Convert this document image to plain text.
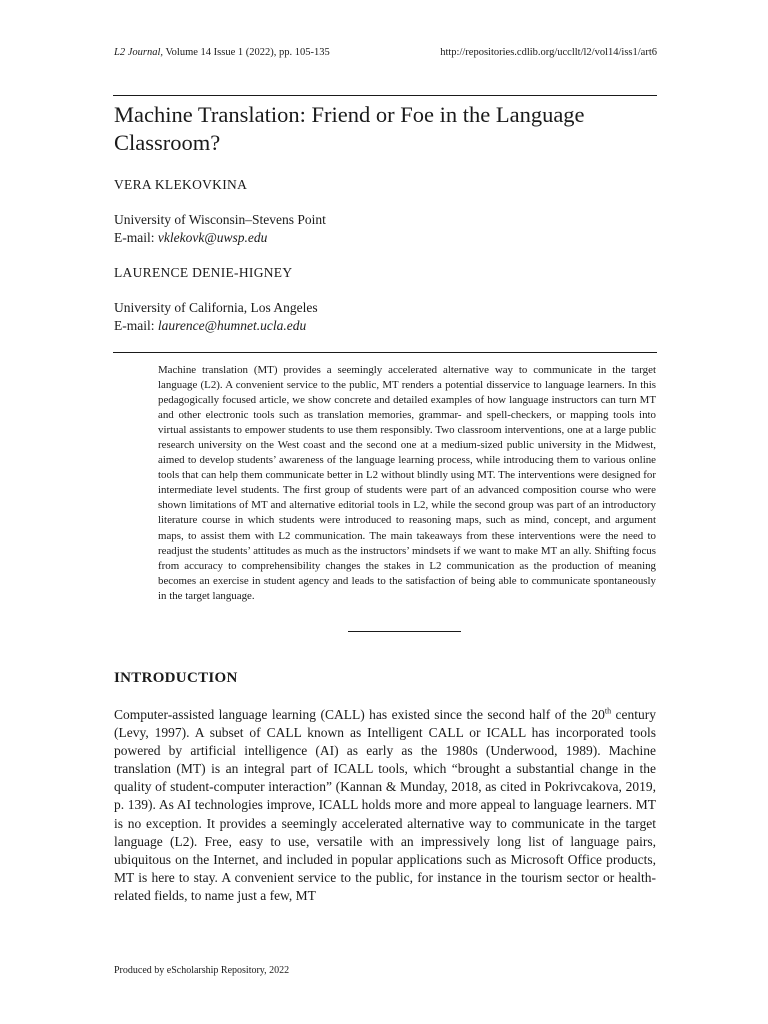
L2 Journal, Volume 14 Issue 1 (2022), pp. 105-135	http://repositories.cdlib.org/uccllt/l2/vol14/iss1/art6
Machine Translation: Friend or Foe in the Language Classroom?
VERA KLEKOVKINA
University of Wisconsin–Stevens Point
E-mail: vklekovk@uwsp.edu
LAURENCE DENIE-HIGNEY
University of California, Los Angeles
E-mail: laurence@humnet.ucla.edu

Machine translation (MT) provides a seemingly accelerated alternative way to communicate in the target language (L2). A convenient service to the public, MT renders a potential disservice to language learners. In this pedagogically focused article, we show concrete and detailed examples of how language instructors can turn MT and other electronic tools such as translation memories, grammar- and spell-checkers, or mapping tools into virtual assistants to empower students to use them responsibly. Two classroom interventions, one at a large public research university on the West coast and the second one at a medium-sized public university in the Midwest, aimed to develop students’ awareness of the language learning process, while introducing them to various online tools that can help them communicate better in L2 without blindly using MT. The interventions were designed for intermediate level students. The first group of students were part of an advanced composition course who were shown limitations of MT and alternative editorial tools in L2, while the second group was part of an introductory literature course in which students were introduced to reasoning maps, such as mind, concept, and argument maps, to assist them with L2 communication. The main takeaways from these interventions were the need to readjust the students’ attitudes as much as the instructors’ mindsets if we want to make MT an ally. Shifting focus from accuracy to comprehensibility changes the stakes in L2 communication as the production of meaning becomes an exercise in student agency and leads to the satisfaction of being able to communicate spontaneously in the target language.

INTRODUCTION

Computer-assisted language learning (CALL) has existed since the second half of the 20th century (Levy, 1997). A subset of CALL known as Intelligent CALL or ICALL has incorporated tools powered by artificial intelligence (AI) as early as the 1980s (Underwood, 1989). Machine translation (MT) is an integral part of ICALL tools, which “brought a substantial change in the quality of student-computer interaction” (Kannan & Munday, 2018, as cited in Pokrivcakova, 2019, p. 139). As AI technologies improve, ICALL holds more and more appeal to language learners. MT is no exception. It provides a seemingly accelerated alternative way to communicate in the target language (L2). Free, easy to use, versatile with an impressively long list of language pairs, ubiquitous on the Internet, and included in popular applications such as Microsoft Office products, MT is here to stay. A convenient service to the public, for instance in the tourism sector or health-related fields, to name just a few, MT

Produced by eScholarship Repository, 2022
